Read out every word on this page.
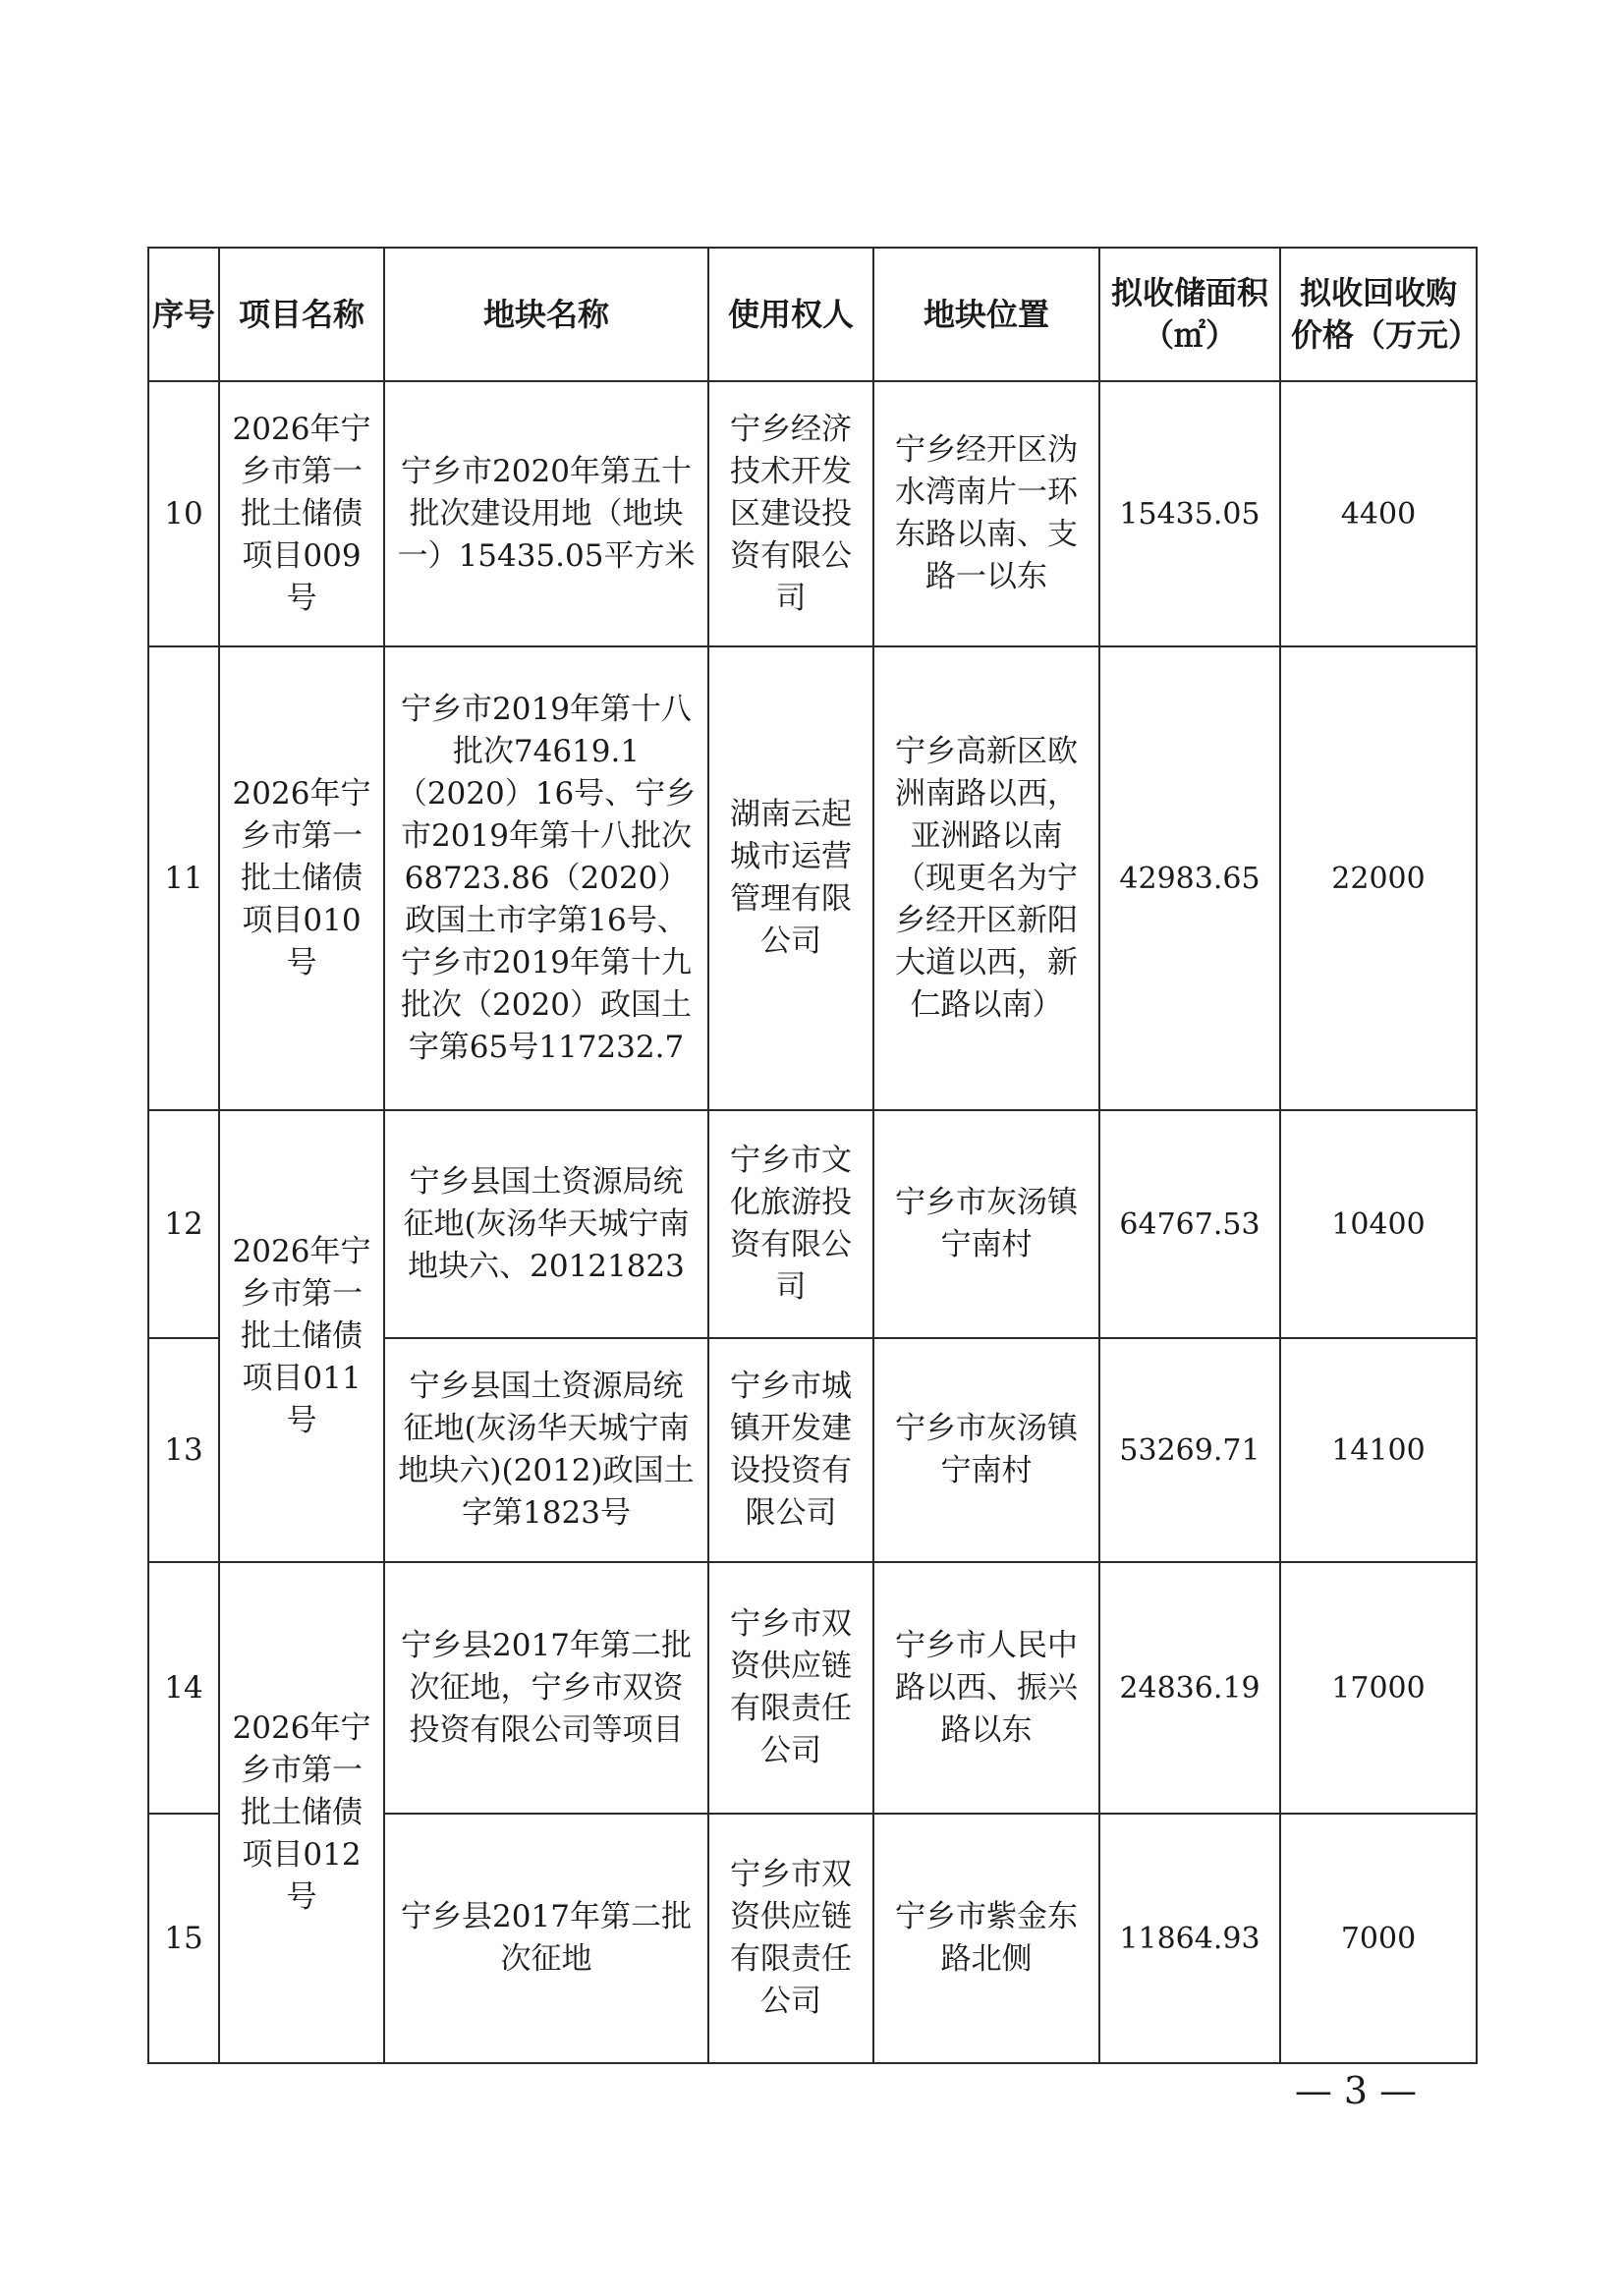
序号	项目名称	地块名称	使用权人	地块位置	拟收储面积（㎡）	拟收回收购价格（万元）
10	2026年宁乡市第一批土储债项目009号	宁乡市2020年第五十批次建设用地（地块一）15435.05平方米	宁乡经济技术开发区建设投资有限公司	宁乡经开区沩水湾南片一环东路以南、支路一以东	15435.05	4400
11	2026年宁乡市第一批土储债项目010号	宁乡市2019年第十八批次74619.1（2020）16号、宁乡市2019年第十八批次68723.86（2020）政国土市字第16号、宁乡市2019年第十九批次（2020）政国土字第65号117232.7	湖南云起城市运营管理有限公司	宁乡高新区欧洲南路以西，亚洲路以南（现更名为宁乡经开区新阳大道以西，新仁路以南）	42983.65	22000
12	2026年宁乡市第一批土储债项目011号	宁乡县国土资源局统征地(灰汤华天城宁南地块六、20121823	宁乡市文化旅游投资有限公司	宁乡市灰汤镇宁南村	64767.53	10400
13		宁乡县国土资源局统征地(灰汤华天城宁南地块六)(2012)政国土字第1823号	宁乡市城镇开发建设投资有限公司	宁乡市灰汤镇宁南村	53269.71	14100
14	2026年宁乡市第一批土储债项目012号	宁乡县2017年第二批次征地，宁乡市双资投资有限公司等项目	宁乡市双资供应链有限责任公司	宁乡市人民中路以西、振兴路以东	24836.19	17000
15		宁乡县2017年第二批次征地	宁乡市双资供应链有限责任公司	宁乡市紫金东路北侧	11864.93	7000
— 3 —
